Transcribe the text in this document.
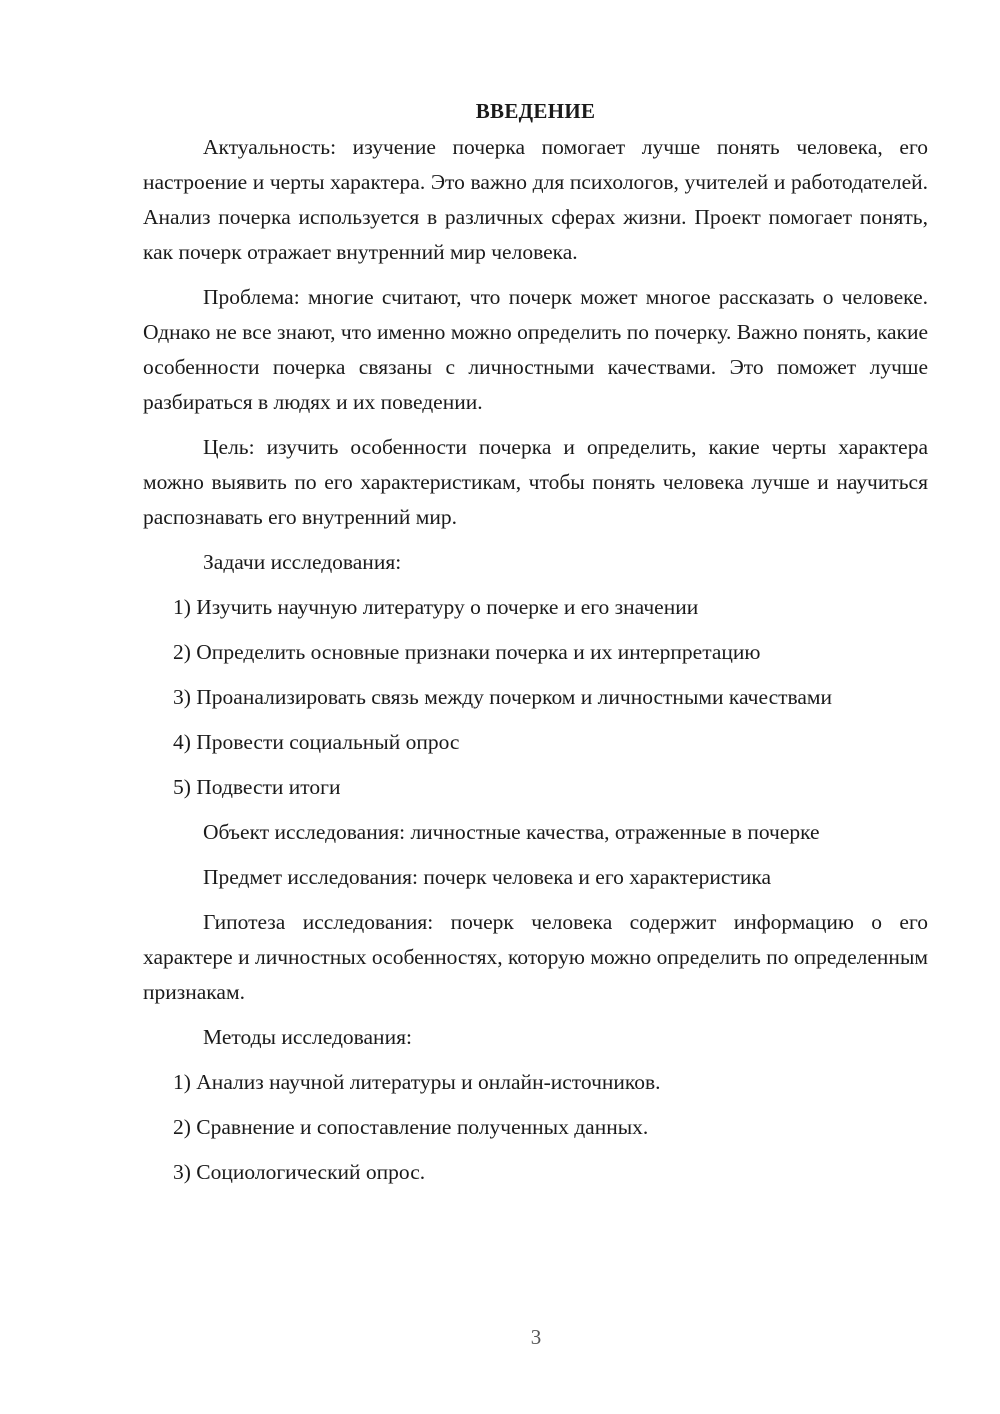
ВВЕДЕНИЕ

Актуальность: изучение почерка помогает лучше понять человека, его настроение и черты характера. Это важно для психологов, учителей и работодателей. Анализ почерка используется в различных сферах жизни. Проект помогает понять, как почерк отражает внутренний мир человека.

Проблема: многие считают, что почерк может многое рассказать о человеке. Однако не все знают, что именно можно определить по почерку. Важно понять, какие особенности почерка связаны с личностными качествами. Это поможет лучше разбираться в людях и их поведении.

Цель: изучить особенности почерка и определить, какие черты характера можно выявить по его характеристикам, чтобы понять человека лучше и научиться распознавать его внутренний мир.

Задачи исследования:

1) Изучить научную литературу о почерке и его значении

2) Определить основные признаки почерка и их интерпретацию

3) Проанализировать связь между почерком и личностными качествами

4) Провести социальный опрос

5) Подвести итоги

Объект исследования: личностные качества, отраженные в почерке

Предмет исследования: почерк человека и его характеристика

Гипотеза исследования: почерк человека содержит информацию о его характере и личностных особенностях, которую можно определить по определенным признакам.

Методы исследования:

1) Анализ научной литературы и онлайн-источников.

2) Сравнение и сопоставление полученных данных.

3) Социологический опрос.

3
